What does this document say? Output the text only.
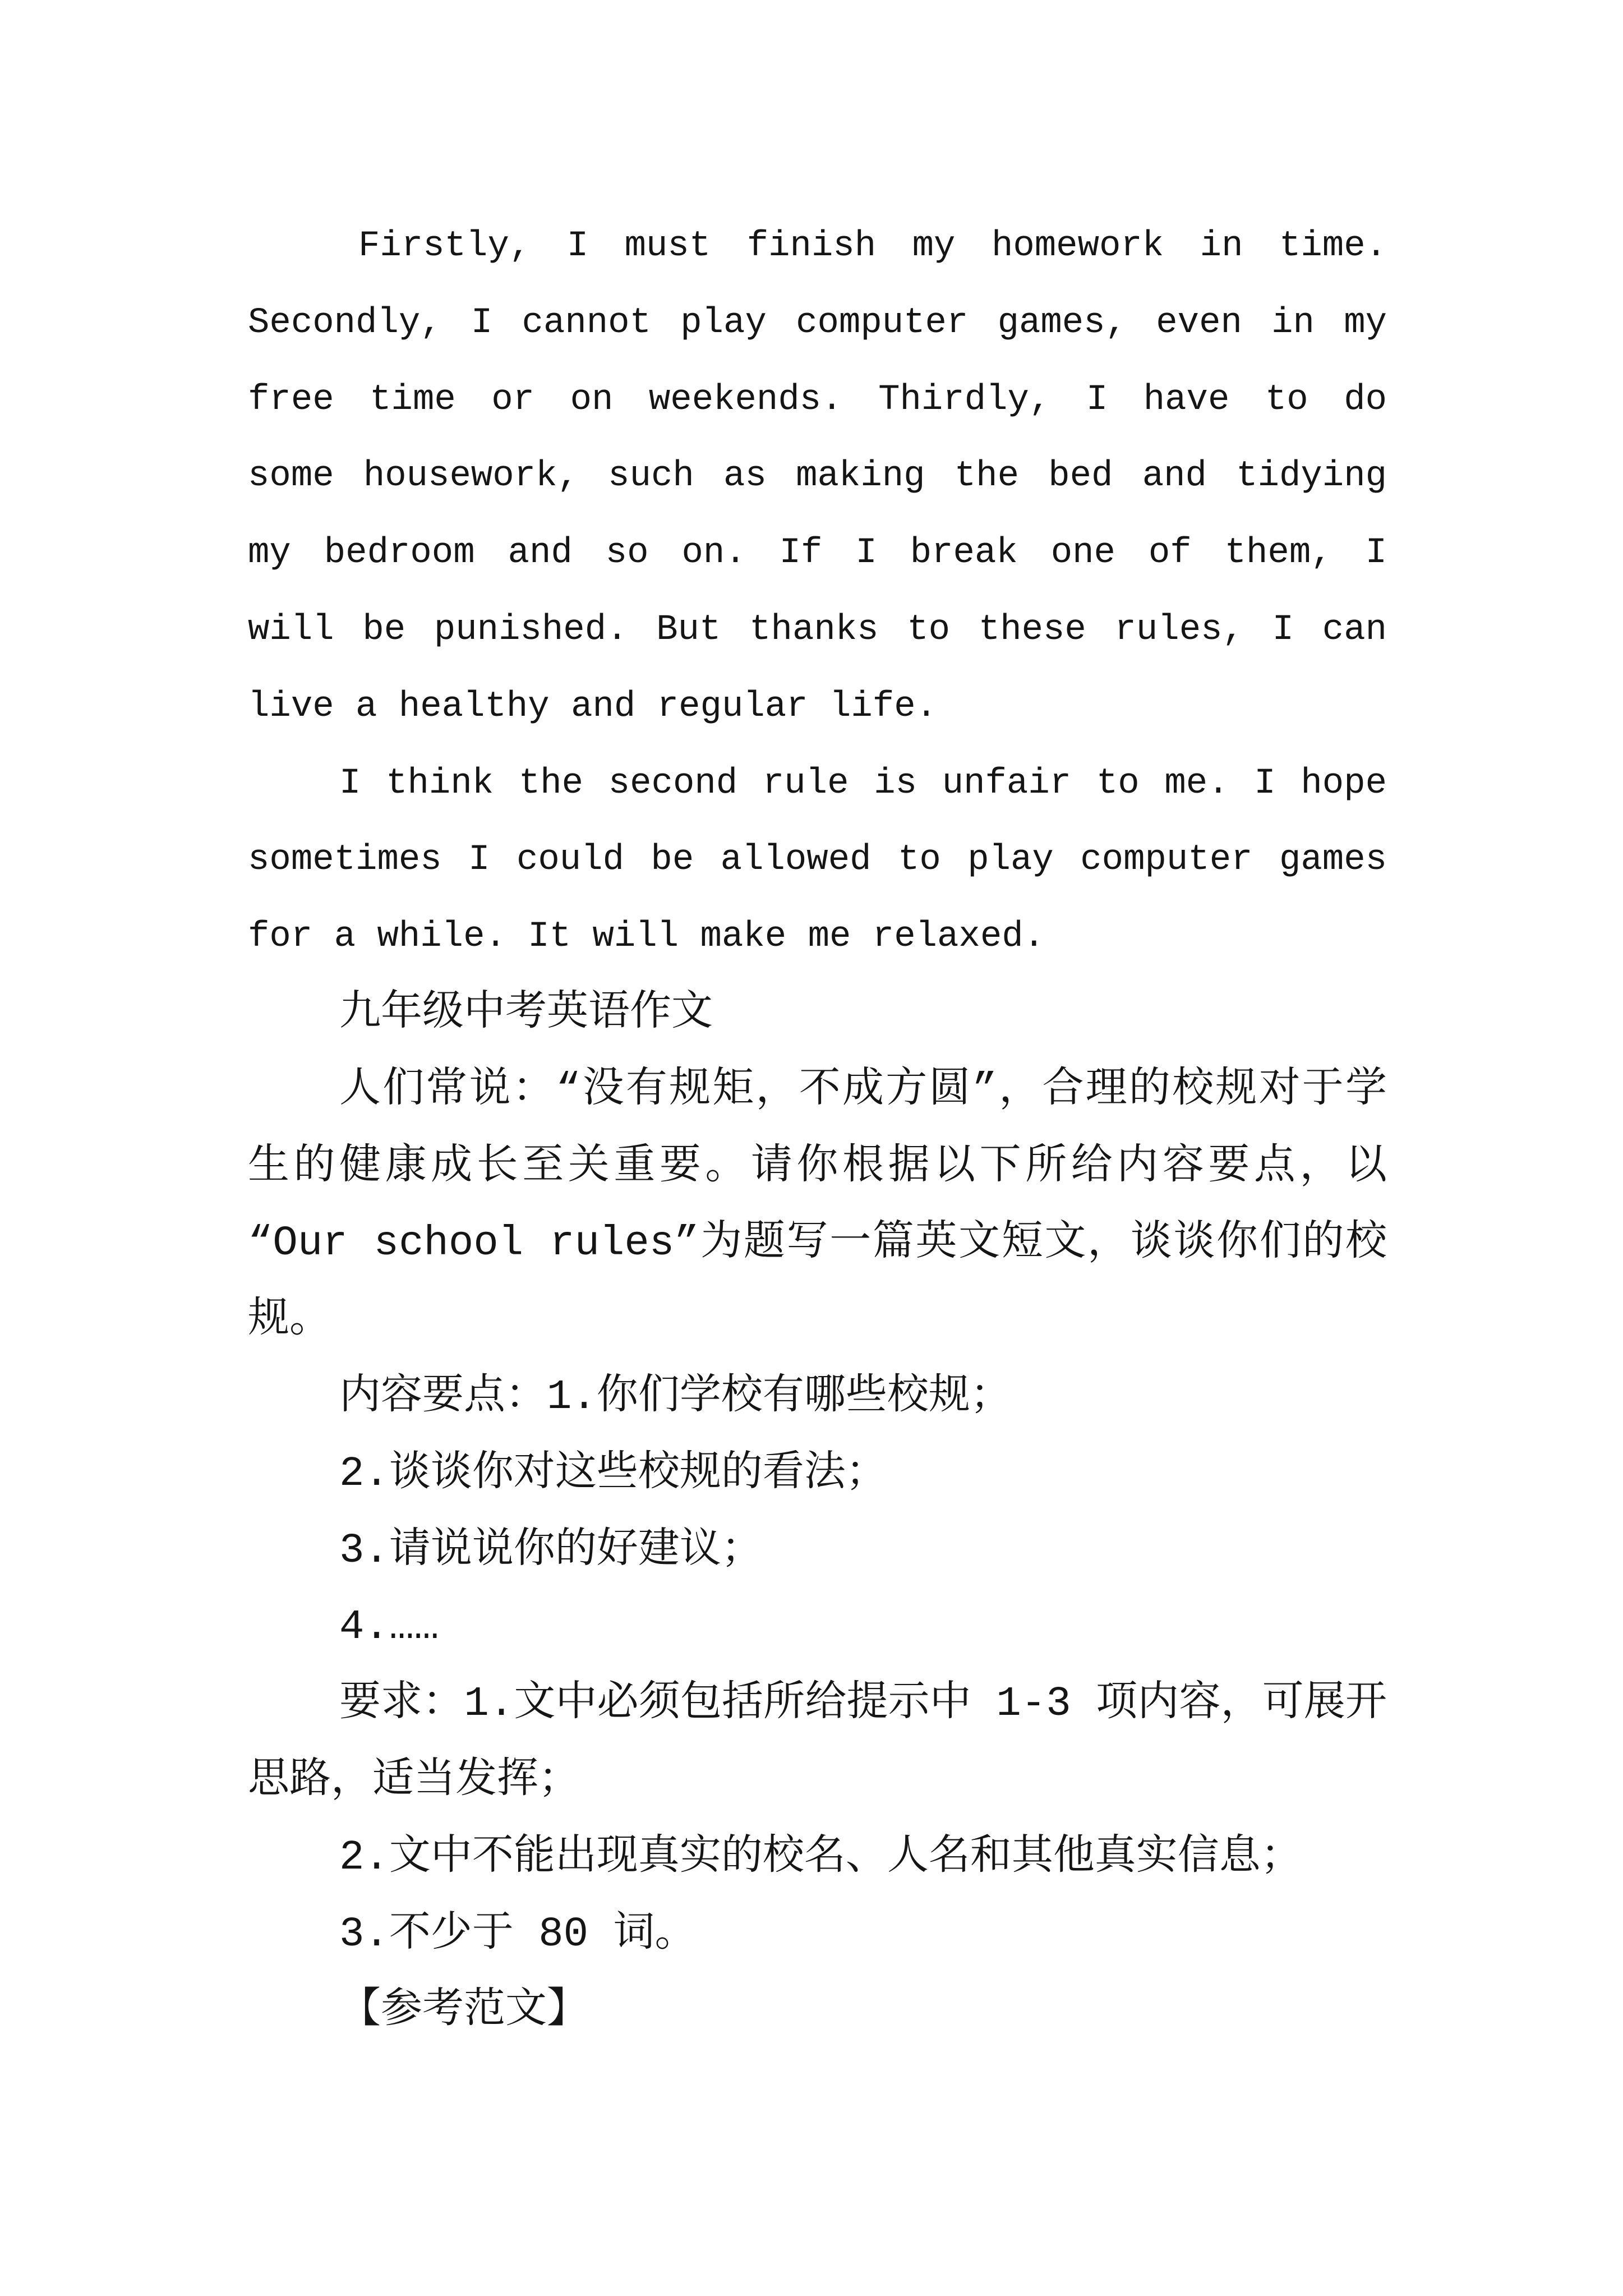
Firstly, I must finish my homework in time.
Secondly, I cannot play computer games, even in my
free time or on weekends. Thirdly, I have to do
some housework, such as making the bed and tidying
my bedroom and so on. If I break one of them, I
will be punished. But thanks to these rules, I can
live a healthy and regular life.
I think the second rule is unfair to me. I hope
sometimes I could be allowed to play computer games
for a while. It will make me relaxed.
九年级中考英语作文
人们常说：“没有规矩，不成方圆”，合理的校规对于学
生的健康成长至关重要。请你根据以下所给内容要点，以
“Our school rules”为题写一篇英文短文，谈谈你们的校
规。
内容要点：1.你们学校有哪些校规；
2.谈谈你对这些校规的看法；
3.请说说你的好建议；
4.……
要求：1.文中必须包括所给提示中 1-3 项内容，可展开
思路，适当发挥；
2.文中不能出现真实的校名、人名和其他真实信息；
3.不少于 80 词。
【参考范文】
